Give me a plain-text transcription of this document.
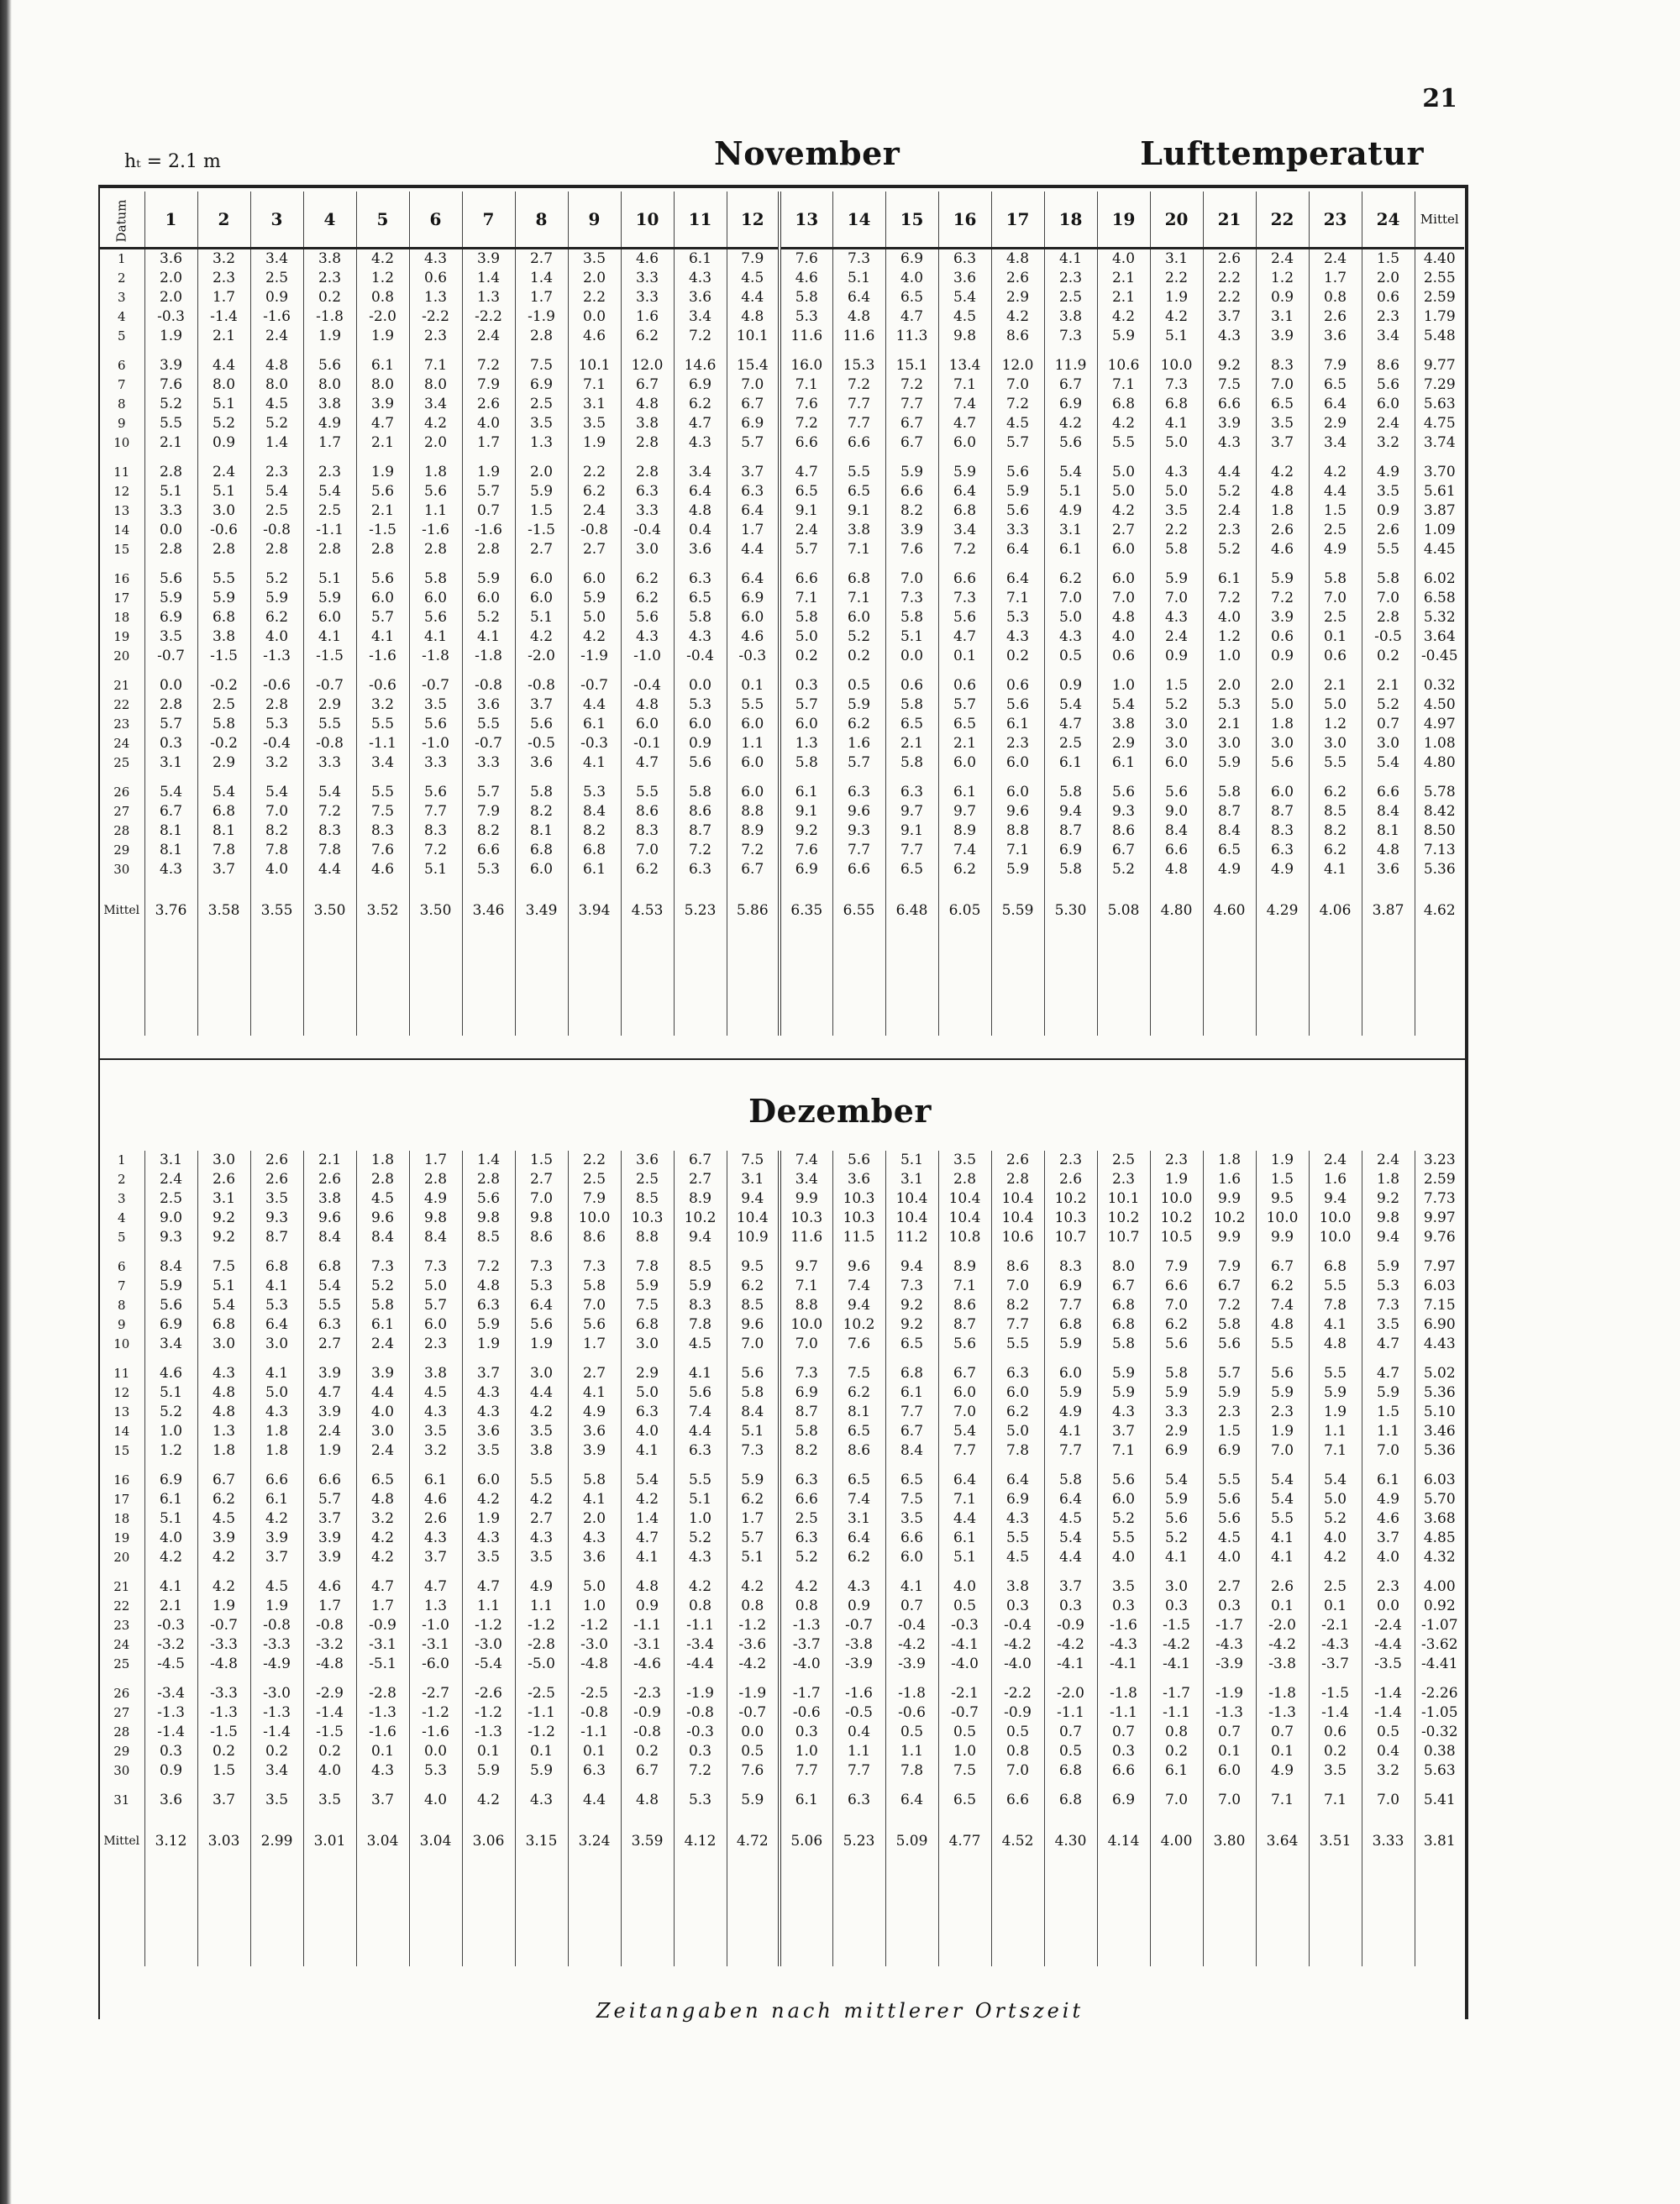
21
hₜ = 2.1 m	November	Lufttemperatur
Datum	1	2	3	4	5	6	7	8	9	10	11	12	13	14	15	16	17	18	19	20	21	22	23	24	Mittel
1	3.6	3.2	3.4	3.8	4.2	4.3	3.9	2.7	3.5	4.6	6.1	7.9	7.6	7.3	6.9	6.3	4.8	4.1	4.0	3.1	2.6	2.4	2.4	1.5	4.40
2	2.0	2.3	2.5	2.3	1.2	0.6	1.4	1.4	2.0	3.3	4.3	4.5	4.6	5.1	4.0	3.6	2.6	2.3	2.1	2.2	2.2	1.2	1.7	2.0	2.55
3	2.0	1.7	0.9	0.2	0.8	1.3	1.3	1.7	2.2	3.3	3.6	4.4	5.8	6.4	6.5	5.4	2.9	2.5	2.1	1.9	2.2	0.9	0.8	0.6	2.59
4	-0.3	-1.4	-1.6	-1.8	-2.0	-2.2	-2.2	-1.9	0.0	1.6	3.4	4.8	5.3	4.8	4.7	4.5	4.2	3.8	4.2	4.2	3.7	3.1	2.6	2.3	1.79
5	1.9	2.1	2.4	1.9	1.9	2.3	2.4	2.8	4.6	6.2	7.2	10.1	11.6	11.6	11.3	9.8	8.6	7.3	5.9	5.1	4.3	3.9	3.6	3.4	5.48
6	3.9	4.4	4.8	5.6	6.1	7.1	7.2	7.5	10.1	12.0	14.6	15.4	16.0	15.3	15.1	13.4	12.0	11.9	10.6	10.0	9.2	8.3	7.9	8.6	9.77
7	7.6	8.0	8.0	8.0	8.0	8.0	7.9	6.9	7.1	6.7	6.9	7.0	7.1	7.2	7.2	7.1	7.0	6.7	7.1	7.3	7.5	7.0	6.5	5.6	7.29
8	5.2	5.1	4.5	3.8	3.9	3.4	2.6	2.5	3.1	4.8	6.2	6.7	7.6	7.7	7.7	7.4	7.2	6.9	6.8	6.8	6.6	6.5	6.4	6.0	5.63
9	5.5	5.2	5.2	4.9	4.7	4.2	4.0	3.5	3.5	3.8	4.7	6.9	7.2	7.7	6.7	4.7	4.5	4.2	4.2	4.1	3.9	3.5	2.9	2.4	4.75
10	2.1	0.9	1.4	1.7	2.1	2.0	1.7	1.3	1.9	2.8	4.3	5.7	6.6	6.6	6.7	6.0	5.7	5.6	5.5	5.0	4.3	3.7	3.4	3.2	3.74
11	2.8	2.4	2.3	2.3	1.9	1.8	1.9	2.0	2.2	2.8	3.4	3.7	4.7	5.5	5.9	5.9	5.6	5.4	5.0	4.3	4.4	4.2	4.2	4.9	3.70
12	5.1	5.1	5.4	5.4	5.6	5.6	5.7	5.9	6.2	6.3	6.4	6.3	6.5	6.5	6.6	6.4	5.9	5.1	5.0	5.0	5.2	4.8	4.4	3.5	5.61
13	3.3	3.0	2.5	2.5	2.1	1.1	0.7	1.5	2.4	3.3	4.8	6.4	9.1	9.1	8.2	6.8	5.6	4.9	4.2	3.5	2.4	1.8	1.5	0.9	3.87
14	0.0	-0.6	-0.8	-1.1	-1.5	-1.6	-1.6	-1.5	-0.8	-0.4	0.4	1.7	2.4	3.8	3.9	3.4	3.3	3.1	2.7	2.2	2.3	2.6	2.5	2.6	1.09
15	2.8	2.8	2.8	2.8	2.8	2.8	2.8	2.7	2.7	3.0	3.6	4.4	5.7	7.1	7.6	7.2	6.4	6.1	6.0	5.8	5.2	4.6	4.9	5.5	4.45
16	5.6	5.5	5.2	5.1	5.6	5.8	5.9	6.0	6.0	6.2	6.3	6.4	6.6	6.8	7.0	6.6	6.4	6.2	6.0	5.9	6.1	5.9	5.8	5.8	6.02
17	5.9	5.9	5.9	5.9	6.0	6.0	6.0	6.0	5.9	6.2	6.5	6.9	7.1	7.1	7.3	7.3	7.1	7.0	7.0	7.0	7.2	7.2	7.0	7.0	6.58
18	6.9	6.8	6.2	6.0	5.7	5.6	5.2	5.1	5.0	5.6	5.8	6.0	5.8	6.0	5.8	5.6	5.3	5.0	4.8	4.3	4.0	3.9	2.5	2.8	5.32
19	3.5	3.8	4.0	4.1	4.1	4.1	4.1	4.2	4.2	4.3	4.3	4.6	5.0	5.2	5.1	4.7	4.3	4.3	4.0	2.4	1.2	0.6	0.1	-0.5	3.64
20	-0.7	-1.5	-1.3	-1.5	-1.6	-1.8	-1.8	-2.0	-1.9	-1.0	-0.4	-0.3	0.2	0.2	0.0	0.1	0.2	0.5	0.6	0.9	1.0	0.9	0.6	0.2	-0.45
21	0.0	-0.2	-0.6	-0.7	-0.6	-0.7	-0.8	-0.8	-0.7	-0.4	0.0	0.1	0.3	0.5	0.6	0.6	0.6	0.9	1.0	1.5	2.0	2.0	2.1	2.1	0.32
22	2.8	2.5	2.8	2.9	3.2	3.5	3.6	3.7	4.4	4.8	5.3	5.5	5.7	5.9	5.8	5.7	5.6	5.4	5.4	5.2	5.3	5.0	5.0	5.2	4.50
23	5.7	5.8	5.3	5.5	5.5	5.6	5.5	5.6	6.1	6.0	6.0	6.0	6.0	6.2	6.5	6.5	6.1	4.7	3.8	3.0	2.1	1.8	1.2	0.7	4.97
24	0.3	-0.2	-0.4	-0.8	-1.1	-1.0	-0.7	-0.5	-0.3	-0.1	0.9	1.1	1.3	1.6	2.1	2.1	2.3	2.5	2.9	3.0	3.0	3.0	3.0	3.0	1.08
25	3.1	2.9	3.2	3.3	3.4	3.3	3.3	3.6	4.1	4.7	5.6	6.0	5.8	5.7	5.8	6.0	6.0	6.1	6.1	6.0	5.9	5.6	5.5	5.4	4.80
26	5.4	5.4	5.4	5.4	5.5	5.6	5.7	5.8	5.3	5.5	5.8	6.0	6.1	6.3	6.3	6.1	6.0	5.8	5.6	5.6	5.8	6.0	6.2	6.6	5.78
27	6.7	6.8	7.0	7.2	7.5	7.7	7.9	8.2	8.4	8.6	8.6	8.8	9.1	9.6	9.7	9.7	9.6	9.4	9.3	9.0	8.7	8.7	8.5	8.4	8.42
28	8.1	8.1	8.2	8.3	8.3	8.3	8.2	8.1	8.2	8.3	8.7	8.9	9.2	9.3	9.1	8.9	8.8	8.7	8.6	8.4	8.4	8.3	8.2	8.1	8.50
29	8.1	7.8	7.8	7.8	7.6	7.2	6.6	6.8	6.8	7.0	7.2	7.2	7.6	7.7	7.7	7.4	7.1	6.9	6.7	6.6	6.5	6.3	6.2	4.8	7.13
30	4.3	3.7	4.0	4.4	4.6	5.1	5.3	6.0	6.1	6.2	6.3	6.7	6.9	6.6	6.5	6.2	5.9	5.8	5.2	4.8	4.9	4.9	4.1	3.6	5.36
Mittel	3.76	3.58	3.55	3.50	3.52	3.50	3.46	3.49	3.94	4.53	5.23	5.86	6.35	6.55	6.48	6.05	5.59	5.30	5.08	4.80	4.60	4.29	4.06	3.87	4.62

Dezember
1	3.1	3.0	2.6	2.1	1.8	1.7	1.4	1.5	2.2	3.6	6.7	7.5	7.4	5.6	5.1	3.5	2.6	2.3	2.5	2.3	1.8	1.9	2.4	2.4	3.23
2	2.4	2.6	2.6	2.6	2.8	2.8	2.8	2.7	2.5	2.5	2.7	3.1	3.4	3.6	3.1	2.8	2.8	2.6	2.3	1.9	1.6	1.5	1.6	1.8	2.59
3	2.5	3.1	3.5	3.8	4.5	4.9	5.6	7.0	7.9	8.5	8.9	9.4	9.9	10.3	10.4	10.4	10.4	10.2	10.1	10.0	9.9	9.5	9.4	9.2	7.73
4	9.0	9.2	9.3	9.6	9.6	9.8	9.8	9.8	10.0	10.3	10.2	10.4	10.3	10.3	10.4	10.4	10.4	10.3	10.2	10.2	10.2	10.0	10.0	9.8	9.97
5	9.3	9.2	8.7	8.4	8.4	8.4	8.5	8.6	8.6	8.8	9.4	10.9	11.6	11.5	11.2	10.8	10.6	10.7	10.7	10.5	9.9	9.9	10.0	9.4	9.76
6	8.4	7.5	6.8	6.8	7.3	7.3	7.2	7.3	7.3	7.8	8.5	9.5	9.7	9.6	9.4	8.9	8.6	8.3	8.0	7.9	7.9	6.7	6.8	5.9	7.97
7	5.9	5.1	4.1	5.4	5.2	5.0	4.8	5.3	5.8	5.9	5.9	6.2	7.1	7.4	7.3	7.1	7.0	6.9	6.7	6.6	6.7	6.2	5.5	5.3	6.03
8	5.6	5.4	5.3	5.5	5.8	5.7	6.3	6.4	7.0	7.5	8.3	8.5	8.8	9.4	9.2	8.6	8.2	7.7	6.8	7.0	7.2	7.4	7.8	7.3	7.15
9	6.9	6.8	6.4	6.3	6.1	6.0	5.9	5.6	5.6	6.8	7.8	9.6	10.0	10.2	9.2	8.7	7.7	6.8	6.8	6.2	5.8	4.8	4.1	3.5	6.90
10	3.4	3.0	3.0	2.7	2.4	2.3	1.9	1.9	1.7	3.0	4.5	7.0	7.0	7.6	6.5	5.6	5.5	5.9	5.8	5.6	5.6	5.5	4.8	4.7	4.43
11	4.6	4.3	4.1	3.9	3.9	3.8	3.7	3.0	2.7	2.9	4.1	5.6	7.3	7.5	6.8	6.7	6.3	6.0	5.9	5.8	5.7	5.6	5.5	4.7	5.02
12	5.1	4.8	5.0	4.7	4.4	4.5	4.3	4.4	4.1	5.0	5.6	5.8	6.9	6.2	6.1	6.0	6.0	5.9	5.9	5.9	5.9	5.9	5.9	5.9	5.36
13	5.2	4.8	4.3	3.9	4.0	4.3	4.3	4.2	4.9	6.3	7.4	8.4	8.7	8.1	7.7	7.0	6.2	4.9	4.3	3.3	2.3	2.3	1.9	1.5	5.10
14	1.0	1.3	1.8	2.4	3.0	3.5	3.6	3.5	3.6	4.0	4.4	5.1	5.8	6.5	6.7	5.4	5.0	4.1	3.7	2.9	1.5	1.9	1.1	1.1	3.46
15	1.2	1.8	1.8	1.9	2.4	3.2	3.5	3.8	3.9	4.1	6.3	7.3	8.2	8.6	8.4	7.7	7.8	7.7	7.1	6.9	6.9	7.0	7.1	7.0	5.36
16	6.9	6.7	6.6	6.6	6.5	6.1	6.0	5.5	5.8	5.4	5.5	5.9	6.3	6.5	6.5	6.4	6.4	5.8	5.6	5.4	5.5	5.4	5.4	6.1	6.03
17	6.1	6.2	6.1	5.7	4.8	4.6	4.2	4.2	4.1	4.2	5.1	6.2	6.6	7.4	7.5	7.1	6.9	6.4	6.0	5.9	5.6	5.4	5.0	4.9	5.70
18	5.1	4.5	4.2	3.7	3.2	2.6	1.9	2.7	2.0	1.4	1.0	1.7	2.5	3.1	3.5	4.4	4.3	4.5	5.2	5.6	5.6	5.5	5.2	4.6	3.68
19	4.0	3.9	3.9	3.9	4.2	4.3	4.3	4.3	4.3	4.7	5.2	5.7	6.3	6.4	6.6	6.1	5.5	5.4	5.5	5.2	4.5	4.1	4.0	3.7	4.85
20	4.2	4.2	3.7	3.9	4.2	3.7	3.5	3.5	3.6	4.1	4.3	5.1	5.2	6.2	6.0	5.1	4.5	4.4	4.0	4.1	4.0	4.1	4.2	4.0	4.32
21	4.1	4.2	4.5	4.6	4.7	4.7	4.7	4.9	5.0	4.8	4.2	4.2	4.2	4.3	4.1	4.0	3.8	3.7	3.5	3.0	2.7	2.6	2.5	2.3	4.00
22	2.1	1.9	1.9	1.7	1.7	1.3	1.1	1.1	1.0	0.9	0.8	0.8	0.8	0.9	0.7	0.5	0.3	0.3	0.3	0.3	0.3	0.1	0.1	0.0	0.92
23	-0.3	-0.7	-0.8	-0.8	-0.9	-1.0	-1.2	-1.2	-1.2	-1.1	-1.1	-1.2	-1.3	-0.7	-0.4	-0.3	-0.4	-0.9	-1.6	-1.5	-1.7	-2.0	-2.1	-2.4	-1.07
24	-3.2	-3.3	-3.3	-3.2	-3.1	-3.1	-3.0	-2.8	-3.0	-3.1	-3.4	-3.6	-3.7	-3.8	-4.2	-4.1	-4.2	-4.2	-4.3	-4.2	-4.3	-4.2	-4.3	-4.4	-3.62
25	-4.5	-4.8	-4.9	-4.8	-5.1	-6.0	-5.4	-5.0	-4.8	-4.6	-4.4	-4.2	-4.0	-3.9	-3.9	-4.0	-4.0	-4.1	-4.1	-4.1	-3.9	-3.8	-3.7	-3.5	-4.41
26	-3.4	-3.3	-3.0	-2.9	-2.8	-2.7	-2.6	-2.5	-2.5	-2.3	-1.9	-1.9	-1.7	-1.6	-1.8	-2.1	-2.2	-2.0	-1.8	-1.7	-1.9	-1.8	-1.5	-1.4	-2.26
27	-1.3	-1.3	-1.3	-1.4	-1.3	-1.2	-1.2	-1.1	-0.8	-0.9	-0.8	-0.7	-0.6	-0.5	-0.6	-0.7	-0.9	-1.1	-1.1	-1.1	-1.3	-1.3	-1.4	-1.4	-1.05
28	-1.4	-1.5	-1.4	-1.5	-1.6	-1.6	-1.3	-1.2	-1.1	-0.8	-0.3	0.0	0.3	0.4	0.5	0.5	0.5	0.7	0.7	0.8	0.7	0.7	0.6	0.5	-0.32
29	0.3	0.2	0.2	0.2	0.1	0.0	0.1	0.1	0.1	0.2	0.3	0.5	1.0	1.1	1.1	1.0	0.8	0.5	0.3	0.2	0.1	0.1	0.2	0.4	0.38
30	0.9	1.5	3.4	4.0	4.3	5.3	5.9	5.9	6.3	6.7	7.2	7.6	7.7	7.7	7.8	7.5	7.0	6.8	6.6	6.1	6.0	4.9	3.5	3.2	5.63
31	3.6	3.7	3.5	3.5	3.7	4.0	4.2	4.3	4.4	4.8	5.3	5.9	6.1	6.3	6.4	6.5	6.6	6.8	6.9	7.0	7.0	7.1	7.1	7.0	5.41
Mittel	3.12	3.03	2.99	3.01	3.04	3.04	3.06	3.15	3.24	3.59	4.12	4.72	5.06	5.23	5.09	4.77	4.52	4.30	4.14	4.00	3.80	3.64	3.51	3.33	3.81

Zeitangaben nach mittlerer Ortszeit
